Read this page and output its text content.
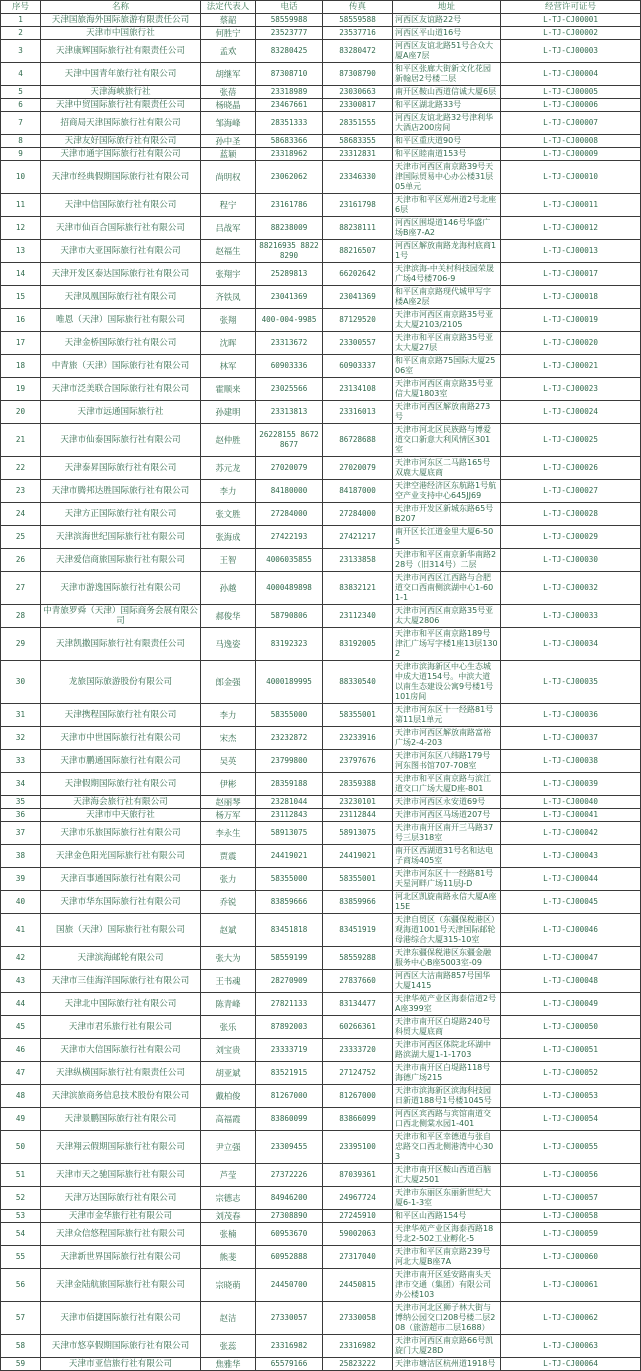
序号	名称	法定代表人	电话	传真	地址	经营许可证号
1	天津国旅海外国际旅游有限责任公司	蔡韶	58559988	58559588	河西区友谊路22号	L-TJ-CJ00001
2	天津市中国旅行社	何胜宁	23523777	23537716	河西区平山道16号	L-TJ-CJ00002
3	天津康辉国际旅行社有限责任公司	孟欢	83280425	83280472	河西区友谊北路51号合众大厦A座7层	L-TJ-CJ00003
4	天津中国青年旅行社有限公司	胡继军	87308710	87308790	和平区张廊大街新文化花园新翰居2号楼二层	L-TJ-CJ00004
5	天津海峡旅行社	张蓓	23318989	23030663	南开区鞍山西道信诚大厦6层	L-TJ-CJ00005
6	天津中贸国际旅行社有限责任公司	杨晓晶	23467661	23300817	和平区湖北路33号	L-TJ-CJ00006
7	招商局天津国际旅行社有限公司	邹海峰	28351333	28351555	河西区友谊北路32号津利华大酒店200房间	L-TJ-CJ00007
8	天津友好国际旅行社有限公司	孙中圣	58683366	58683355	和平区重庆道90号	L-TJ-CJ00008
9	天津市通宇国际旅行社有限公司	蓝颖	23318962	23312831	和平区睦南道153号	L-TJ-CJ00009
10	天津市经典假期国际旅行社有限公司	尚明权	23062062	23346330	天津市河西区南京路39号天津国际贸易中心办公楼31层05单元	L-TJ-CJ00010
11	天津中信国际旅行社有限公司	程宁	23161786	23161798	天津市和平区郑州道2号北座6层	L-TJ-CJ00011
12	天津市仙百合国际旅行社有限公司	吕战军	88238009	88238111	河西区围堤道146号华盛广场B座7-A2	L-TJ-CJ00012
13	天津市大亚国际旅行社有限公司	赵福生	88216935 88228290	88216507	河西区解放南路龙海村底商11号	L-TJ-CJ00013
14	天津开发区泰达国际旅行社有限公司	张翔宇	25289813	66202642	天津滨海-中关村科技园荣晟广场4号楼706-9	L-TJ-CJ00017
15	天津凤凰国际旅行社有限公司	齐铁凤	23041369	23041369	和平区南京路现代城甲写字楼A座2层	L-TJ-CJ00018
16	唯恩（天津）国际旅行社有限公司	张翔	400-004-9985	87129520	天津市河西区南京路35号亚太大厦2103/2105	L-TJ-CJ00019
17	天津金桥国际旅行社有限公司	沈晖	23313672	23300557	天津市和平区南京路35号亚太大厦27层	L-TJ-CJ00020
18	中青旅（天津）国际旅行社有限公司	林军	60903336	60903337	和平区南京路75国际大厦2506室	L-TJ-CJ00021
19	天津市泛美联合国际旅行社有限公司	霍顺来	23025566	23134108	天津市河西区南京路35号亚信大厦1803室	L-TJ-CJ00023
20	天津市远通国际旅行社	孙建明	23313813	23316013	天津市河西区解放南路273号	L-TJ-CJ00024
21	天津市仙泰国际旅行社有限公司	赵仲胜	26228155 86728677	86728688	天津市河北区民族路与博爱道交口新意大利风情区301室	L-TJ-CJ00025
22	天津泰昇国际旅行社有限公司	苏元龙	27020079	27020079	天津市河东区二马路165号双鹿大厦底商	L-TJ-CJ00026
23	天津市腾邦达胜国际旅行社有限公司	李力	84180000	84187000	天津空港经济区东航路1号航空产业支持中心645JJ69	L-TJ-CJ00027
24	天津方正国际旅行社有限公司	张文胜	27284000	27284000	天津市开发区新城东路65号B207	L-TJ-CJ00028
25	天津滨海世纪国际旅行社有限公司	张海成	27422193	27421217	南开区长江道金里大厦6-505	L-TJ-CJ00029
26	天津爱信商旅国际旅行社有限公司	王智	4006035855	23133858	天津市和平区南京新华南路228号（旧314号）二层	L-TJ-CJ00030
27	天津市游逸国际旅行社有限公司	孙越	4000489898	83832121	天津市河西区江西路与合肥道交口西南侧滨湖中心1-601-1	L-TJ-CJ00032
28	中青旅罗舜（天津）国际商务会展有限公司	郝俊华	58790806	23112340	天津市河西区南京路35号亚太大厦2806	L-TJ-CJ00033
29	天津凯撒国际旅行社有限责任公司	马逸姿	83192323	83192005	天津市和平区南京路189号津汇广场写字楼1座13层1302	L-TJ-CJ00034
30	龙旅国际旅游股份有限公司	郎金强	4000189995	88330540	天津市滨海新区中心生态城中成大道154号。中滨大道以南生态建设公寓9号楼1号101房间	L-TJ-CJ00035
31	天津携程国际旅行社有限公司	李力	58355000	58355001	天津市河东区十一经路81号第11层1单元	L-TJ-CJ00036
32	天津市中世国际旅行社有限公司	宋杰	23232872	23233916	天津市河西区解放南路富裕广场2-4-203	L-TJ-CJ00037
33	天津市鹏通国际旅行社有限公司	吴英	23799800	23797676	天津市河东区八纬路179号河东图书馆707-708室	L-TJ-CJ00038
34	天津假期国际旅行社有限公司	伊彬	28359188	28359388	天津市和平区南京路与滨江道交口广场大厦D座-801	L-TJ-CJ00039
35	天津海会旅行社有限公司	赵丽琴	23281044	23230101	天津市河西区永安道69号	L-TJ-CJ00040
36	天津市中天旅行社	杨万军	23112843	23112844	天津市河西区马场道207号	L-TJ-CJ00041
37	天津市乐旅国际旅行社有限公司	李永生	58913075	58913075	天津市南开区南开三马路37号三层318室	L-TJ-CJ00042
38	天津金色阳光国际旅行社有限公司	贾震	24419021	24419021	南开区西湖道31号名和达电子商场405室	L-TJ-CJ00043
39	天津百事通国际旅行社有限公司	张力	58355000	58355001	天津市河东区十一经路81号天星河畔广场11层J-D	L-TJ-CJ00044
40	天津市华东国际旅行社有限公司	乔锐	83859666	83859966	河北区凯旋南路永信大厦A座15E	L-TJ-CJ00045
41	国旅（天津）国际旅行社有限公司	赵斌	83451818	83451919	天津自贸区（东疆保税港区）观海道1001号天津国际邮轮母港综合大厦315-10室	L-TJ-CJ00046
42	天津滨海邮轮有限公司	张大为	58559199	58559288	天津东疆保税港区东疆金融服务中心B座5003室-09	L-TJ-CJ00047
43	天津市三佳海洋国际旅行社有限公司	王书魂	28270909	27837660	河西区大沽南路857号国华大厦1415	L-TJ-CJ00048
44	天津北中国际旅行社有限公司	陈青峰	27821133	83134477	天津华苑产业区海泰信道2号A座399室	L-TJ-CJ00049
45	天津市君乐旅行社有限公司	张乐	87892003	60266361	天津市南开区白堤路240号科贸大厦底商	L-TJ-CJ00050
46	天津市大信国际旅行社有限公司	刘宝贵	23333719	23333720	天津市河西区体院北环湖中路滨湖大厦1-1-1703	L-TJ-CJ00051
47	天津纵横国际旅行社有限责任公司	胡亚斌	83521915	27124752	天津市南开区白堤路118号海德广场215	L-TJ-CJ00052
48	天津滨旅商务信息技术股份有限公司	戴柏俊	81267000	81267000	天津市滨海新区滨海科技园日新道188号1号楼1045号	L-TJ-CJ00053
49	天津景鹏国际旅行社有限公司	高福霞	83860099	83866099	河西区宾西路与宾馆南道交口西北侧棠水园1-401	L-TJ-CJ00054
50	天津翔云假期国际旅行社有限公司	尹立强	23309455	23395100	天津市和平区幸德道与张自忠路交口西北侧港湾中心303	L-TJ-CJ00055
51	天津市天之驰国际旅行社有限公司	芦莹	27372226	87039361	天津市南开区鞍山西道百脑汇大厦2501	L-TJ-CJ00056
52	天津万达国际旅行社有限公司	宗德志	84946200	24967724	天津市东丽区东丽新世纪大厦6-1-3室	L-TJ-CJ00057
53	天津市金华旅行社有限公司	刘茂春	27308890	27245910	和平区山西路154号	L-TJ-CJ00058
54	天津众信悠程国际旅行社有限公司	张楠	60953670	59002063	天津华苑产业区海泰西路18号北2-502工业孵化-5	L-TJ-CJ00059
55	天津新世界国际旅行社有限公司	熊斐	60952888	27317040	天津市和平区南京路239号河北大厦B座7A	L-TJ-CJ00060
56	天津金陆航旅国际旅行社有限公司	宗晓萌	24450700	24450815	天津市南开区延安路南头天津市交通（集团）有限公司办公楼103	L-TJ-CJ00061
57	天津市佰捷国际旅行社有限公司	赵洁	27330057	27330058	天津市河北区狮子林大街与博纳公园交口208号楼二层208（旅游超市二层1688）	L-TJ-CJ00062
58	天津市悠享假期国际旅行社有限公司	张蕊	23316982	23316982	天津市河西区南京路66号凯旋门大厦28D	L-TJ-CJ00063
59	天津市亚信旅行社有限公司	焦雅华	65579166	25823222	天津市塘沽区杭州道1918号	L-TJ-CJ00064
